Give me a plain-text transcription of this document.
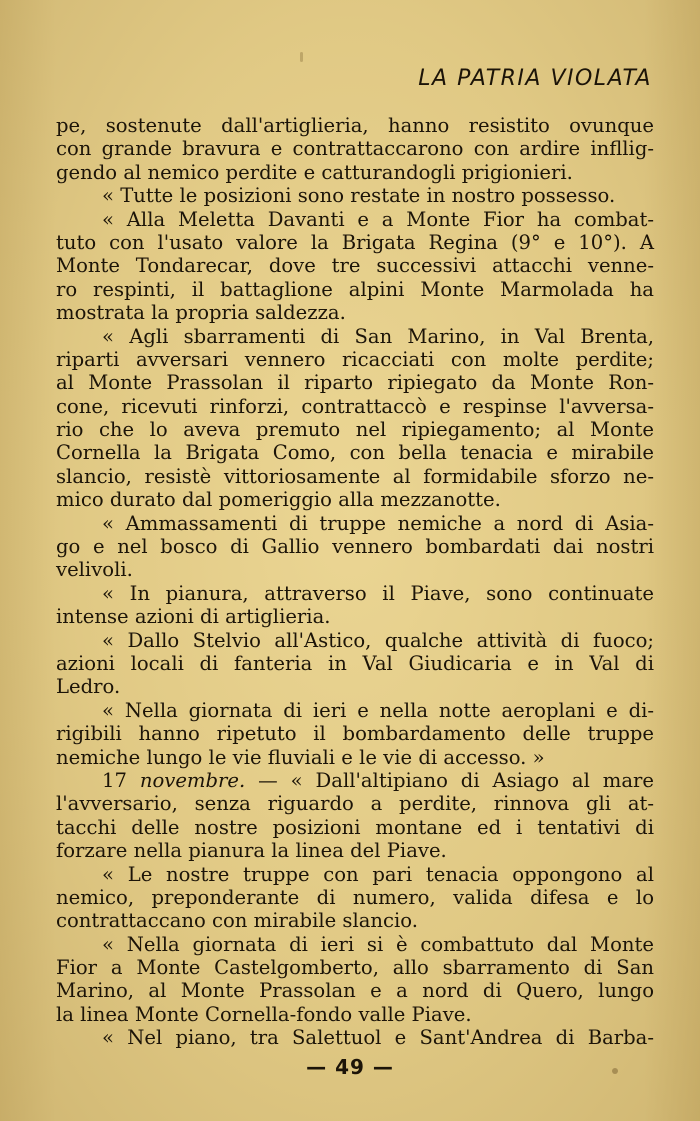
LA PATRIA VIOLATA
pe, sostenute dall'artiglieria, hanno resistito ovunque
con grande bravura e contrattaccarono con ardire infllig-
gendo al nemico perdite e catturandogli prigionieri.
« Tutte le posizioni sono restate in nostro possesso.
« Alla Meletta Davanti e a Monte Fior ha combat-
tuto con l'usato valore la Brigata Regina (9° e 10°). A
Monte Tondarecar, dove tre successivi attacchi venne-
ro respinti, il battaglione alpini Monte Marmolada ha
mostrata la propria saldezza.
« Agli sbarramenti di San Marino, in Val Brenta,
riparti avversari vennero ricacciati con molte perdite;
al Monte Prassolan il riparto ripiegato da Monte Ron-
cone, ricevuti rinforzi, contrattaccò e respinse l'avversa-
rio che lo aveva premuto nel ripiegamento; al Monte
Cornella la Brigata Como, con bella tenacia e mirabile
slancio, resistè vittoriosamente al formidabile sforzo ne-
mico durato dal pomeriggio alla mezzanotte.
« Ammassamenti di truppe nemiche a nord di Asia-
go e nel bosco di Gallio vennero bombardati dai nostri
velivoli.
« In pianura, attraverso il Piave, sono continuate
intense azioni di artiglieria.
« Dallo Stelvio all'Astico, qualche attività di fuoco;
azioni locali di fanteria in Val Giudicaria e in Val di
Ledro.
« Nella giornata di ieri e nella notte aeroplani e di-
rigibili hanno ripetuto il bombardamento delle truppe
nemiche lungo le vie fluviali e le vie di accesso. »
17 novembre. — « Dall'altipiano di Asiago al mare
l'avversario, senza riguardo a perdite, rinnova gli at-
tacchi delle nostre posizioni montane ed i tentativi di
forzare nella pianura la linea del Piave.
« Le nostre truppe con pari tenacia oppongono al
nemico, preponderante di numero, valida difesa e lo
contrattaccano con mirabile slancio.
« Nella giornata di ieri si è combattuto dal Monte
Fior a Monte Castelgomberto, allo sbarramento di San
Marino, al Monte Prassolan e a nord di Quero, lungo
la linea Monte Cornella-fondo valle Piave.
« Nel piano, tra Salettuol e Sant'Andrea di Barba-
— 49 —
